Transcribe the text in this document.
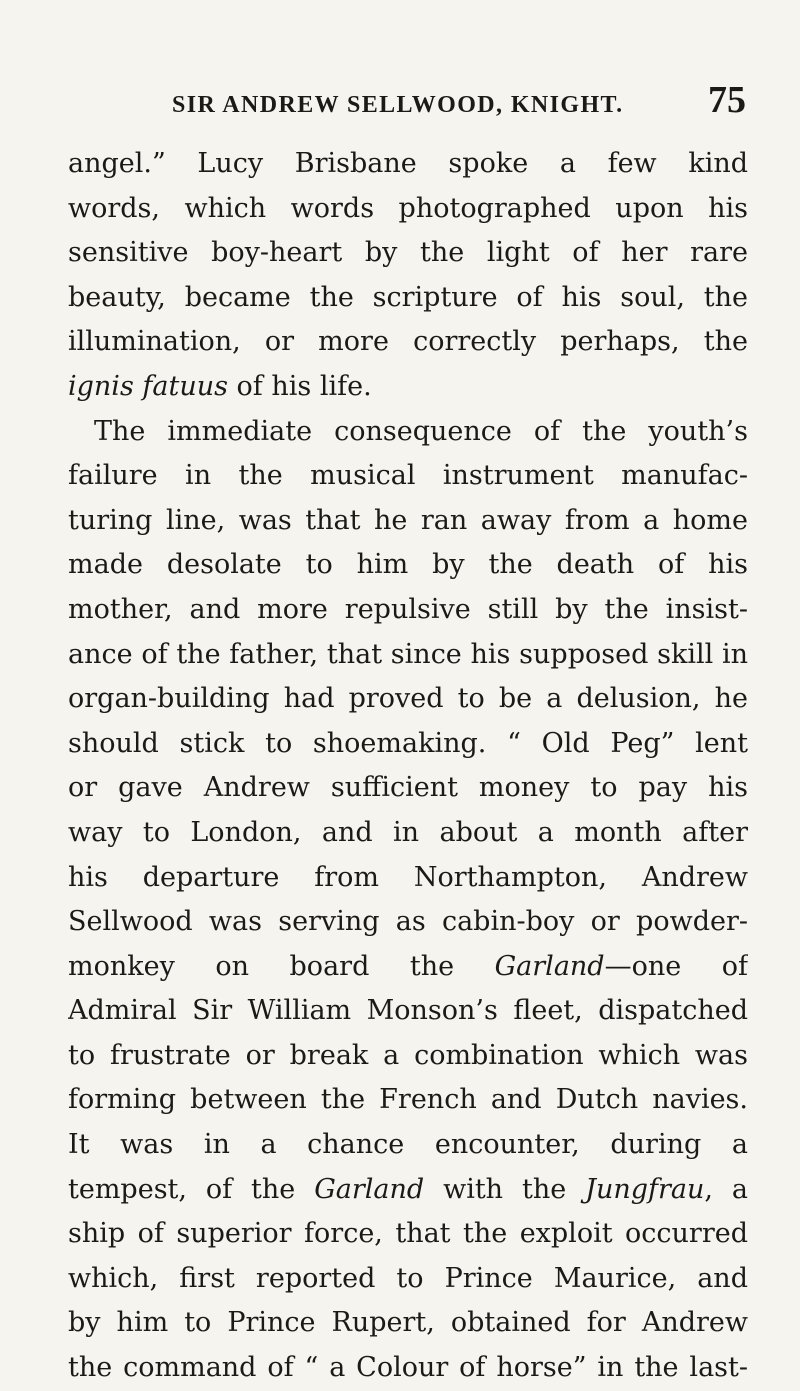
SIR ANDREW SELLWOOD, KNIGHT. 75
angel.” Lucy Brisbane spoke a few kind
words, which words photographed upon his
sensitive boy-heart by the light of her rare
beauty, became the scripture of his soul, the
illumination, or more correctly perhaps, the
ignis fatuus of his life.
The immediate consequence of the youth’s
failure in the musical instrument manufac-
turing line, was that he ran away from a home
made desolate to him by the death of his
mother, and more repulsive still by the insist-
ance of the father, that since his supposed skill in
organ-building had proved to be a delusion, he
should stick to shoemaking. “ Old Peg” lent
or gave Andrew sufficient money to pay his
way to London, and in about a month after
his departure from Northampton, Andrew
Sellwood was serving as cabin-boy or powder-
monkey on board the Garland—one of
Admiral Sir William Monson’s fleet, dispatched
to frustrate or break a combination which was
forming between the French and Dutch navies.
It was in a chance encounter, during a
tempest, of the Garland with the Jungfrau, a
ship of superior force, that the exploit occurred
which, first reported to Prince Maurice, and
by him to Prince Rupert, obtained for Andrew
the command of “ a Colour of horse” in the last-
